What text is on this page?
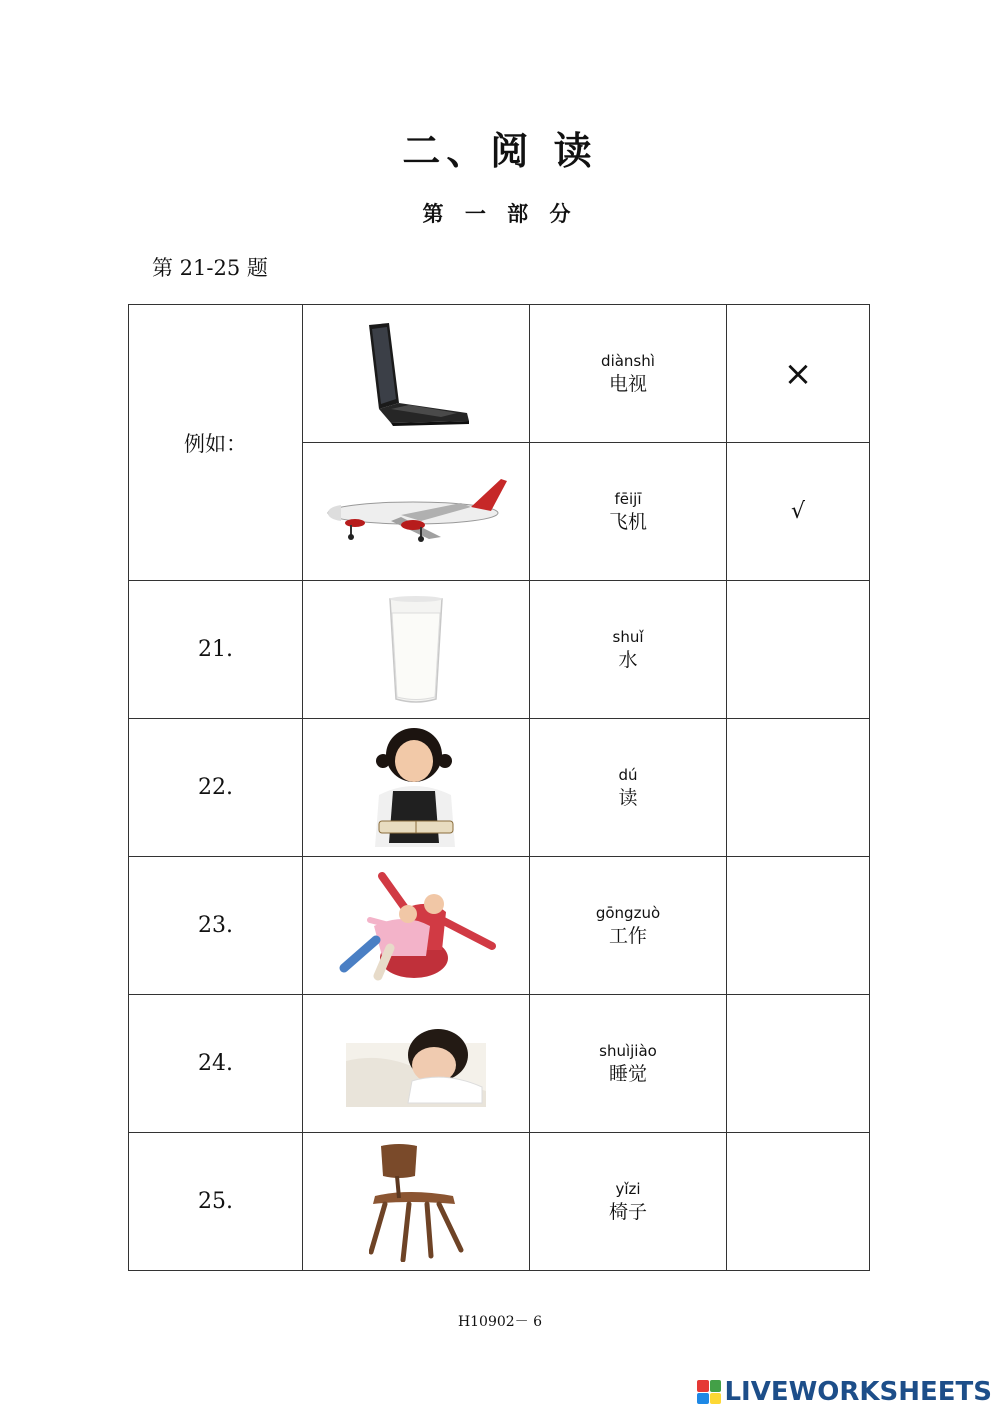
二、阅 读
第 一 部 分
第 21-25 题
例如：		diànshì
电视	×

fēijī
飞机	√
21.		shuǐ
水	

22.		dú
读	

23.		gōngzuò
工作	

24.		shuìjiào
睡觉	

25.		yǐzi
椅子	

H10902－ 6
LIVEWORKSHEETS
